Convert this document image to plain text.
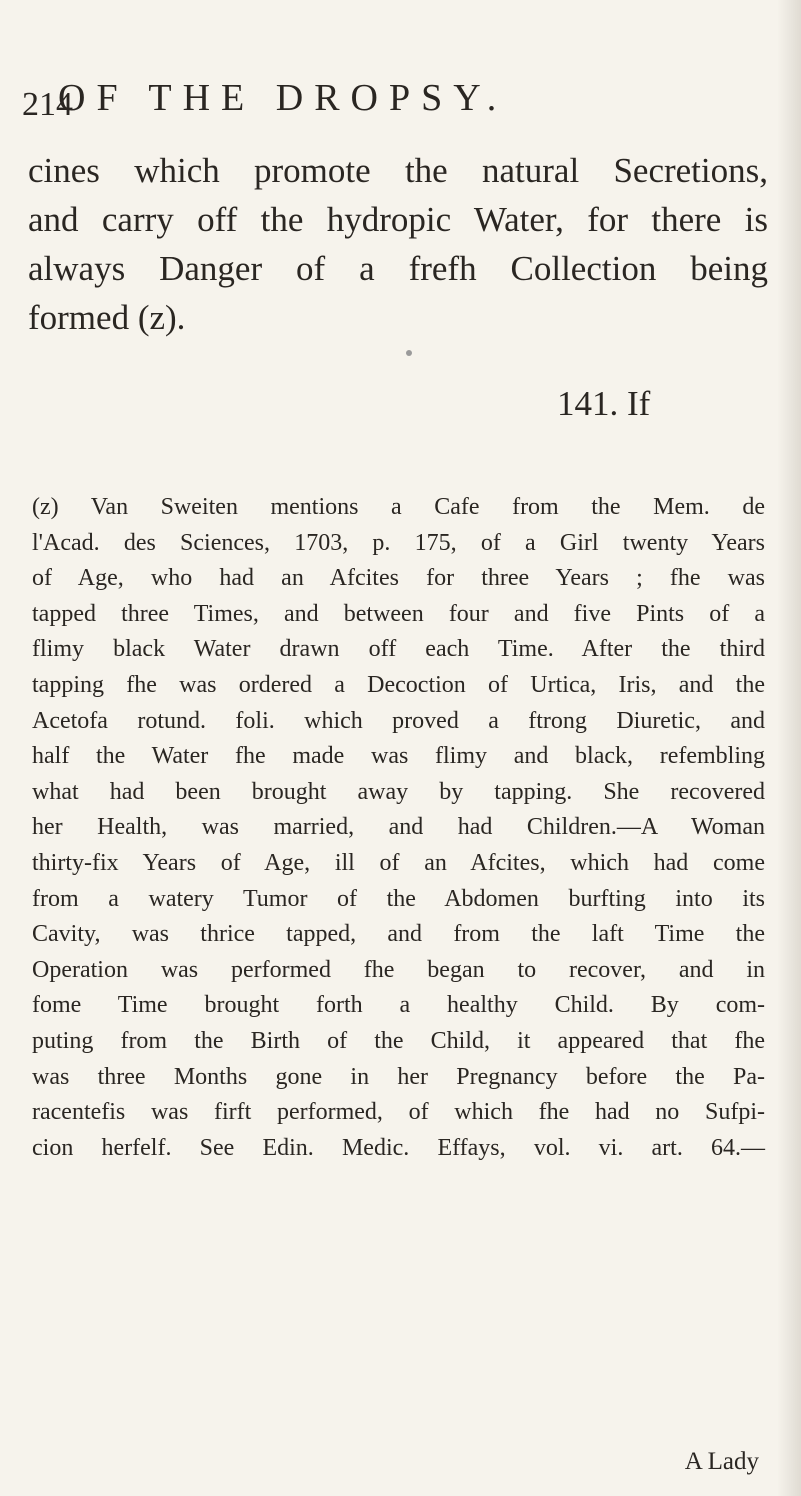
214
OF THE DROPSY.
cines which promote the natural Secretions,
and carry off the hydropic Water, for there is
always Danger of a frefh Collection being
formed (z).
141. If

(z) Van Sweiten mentions a Cafe from the Mem. de

l'Acad. des Sciences, 1703, p. 175, of a Girl twenty Years

of Age, who had an Afcites for three Years ; fhe was

tapped three Times, and between four and five Pints of a

flimy black Water drawn off each Time. After the third

tapping fhe was ordered a Decoction of Urtica, Iris, and the

Acetofa rotund. foli. which proved a ftrong Diuretic, and

half the Water fhe made was flimy and black, refembling

what had been brought away by tapping. She recovered

her Health, was married, and had Children.—A Woman

thirty-fix Years of Age, ill of an Afcites, which had come

from a watery Tumor of the Abdomen burfting into its

Cavity, was thrice tapped, and from the laft Time the

Operation was performed fhe began to recover, and in

fome Time brought forth a healthy Child. By com-

puting from the Birth of the Child, it appeared that fhe

was three Months gone in her Pregnancy before the Pa-

racentefis was firft performed, of which fhe had no Sufpi-

cion herfelf. See Edin. Medic. Effays, vol. vi. art. 64.—

A Lady
